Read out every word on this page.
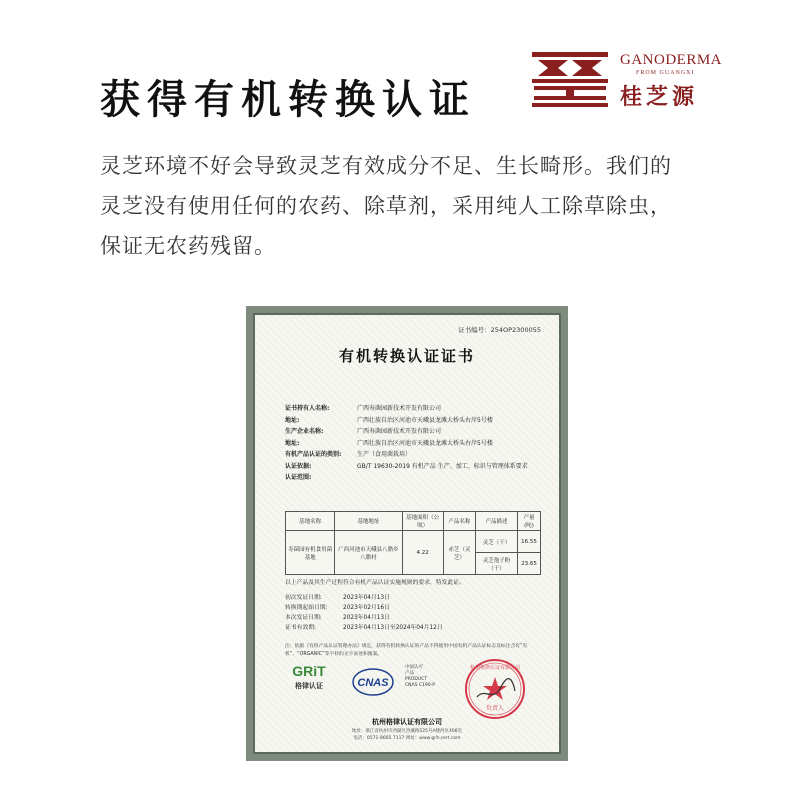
获得有机转换认证
GANODERMA
FROM GUANGXI
桂芝源
灵芝环境不好会导致灵芝有效成分不足、生长畸形。我们的
灵芝没有使用任何的农药、除草剂，采用纯人工除草除虫，
保证无农药残留。
证书编号：254OP2300055
有机转换认证证书
证书持有人名称:	广西寿菌园新技术开发有限公司
地址:	广西壮族自治区河池市天峨县龙滩大桥头右岸5号楼
生产企业名称:	广西寿菌园新技术开发有限公司
地址:	广西壮族自治区河池市天峨县龙滩大桥头右岸5号楼
有机产品认证的类别:	生产（食用菌栽培）
认证依据:	GB/T 19630-2019 有机产品 生产、加工、标识与管理体系要求
认证范围:
基地名称	基地地址	基地面积（公顷）	产品名称	产品描述	产量(吨)
寿菌园有机食用菌基地	广西河池市天峨县八腊乡八腊村	4.22	赤芝（灵芝）	灵芝（干）	16.55
				灵芝孢子粉（干）	23.65
以上产品及其生产过程符合有机产品认证实施规则的要求，特发此证。
初次发证日期:	2023年04月13日
转换期起始日期:	2023年02月16日
本次发证日期:	2023年04月13日
证书有效期:	2023年04月13日至2024年04月12日
注：依据《有机产品认证管理办法》规定，获得有机转换认证的产品不得使用中国有机产品认证标志及标注含有“有机”、“ORGANIC”等字样的文字表述和图案。
GRiT
格律认证	CNAS
中国认可
产品
PRODUCT
CNAS C190-P
负责人
杭州格律认证有限公司
杭州格律认证有限公司
地址：浙江省杭州市西湖区西溪路525号A楼西区408室
电话：0571-8665 7117 网址：www.grit-cert.com
